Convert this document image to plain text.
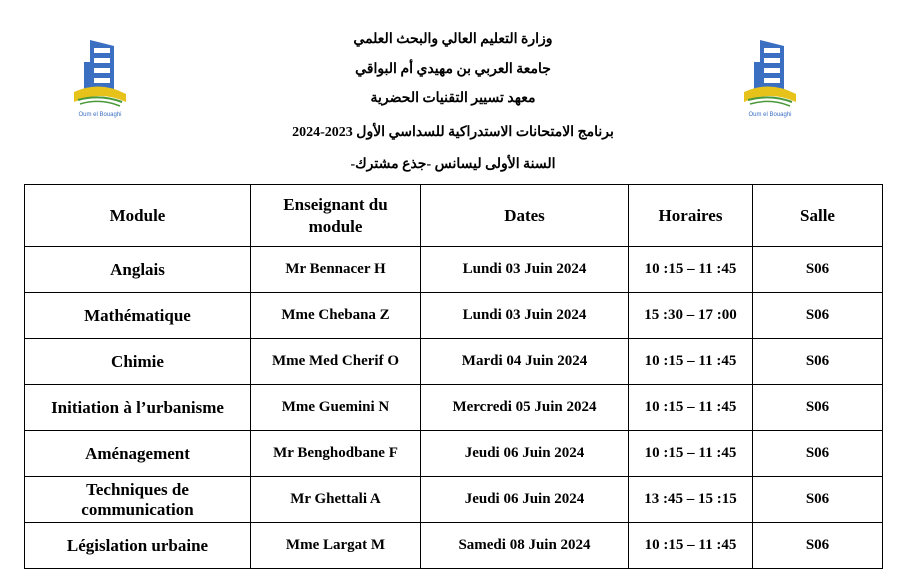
وزارة التعليم العالي والبحث العلمي
جامعة العربي بن مهيدي أم البواقي
معهد تسيير التقنيات الحضرية
برنامج الامتحانات الاستدراكية للسداسي الأول 2023-2024
السنة الأولى ليسانس -جذع مشترك-
Oum el Bouaghi	Oum el Bouaghi
Module	Enseignant du module	Dates	Horaires	Salle
Anglais	Mr Bennacer H	Lundi 03 Juin 2024	10 :15 – 11 :45	S06
Mathématique	Mme Chebana Z	Lundi 03 Juin 2024	15 :30 – 17 :00	S06
Chimie	Mme Med Cherif O	Mardi 04 Juin 2024	10 :15 – 11 :45	S06
Initiation à l’urbanisme	Mme Guemini N	Mercredi 05 Juin 2024	10 :15 – 11 :45	S06
Aménagement	Mr Benghodbane F	Jeudi 06 Juin 2024	10 :15 – 11 :45	S06
Techniques de communication	Mr Ghettali A	Jeudi 06 Juin 2024	13 :45 – 15 :15	S06
Législation urbaine	Mme Largat M	Samedi 08 Juin 2024	10 :15 – 11 :45	S06
